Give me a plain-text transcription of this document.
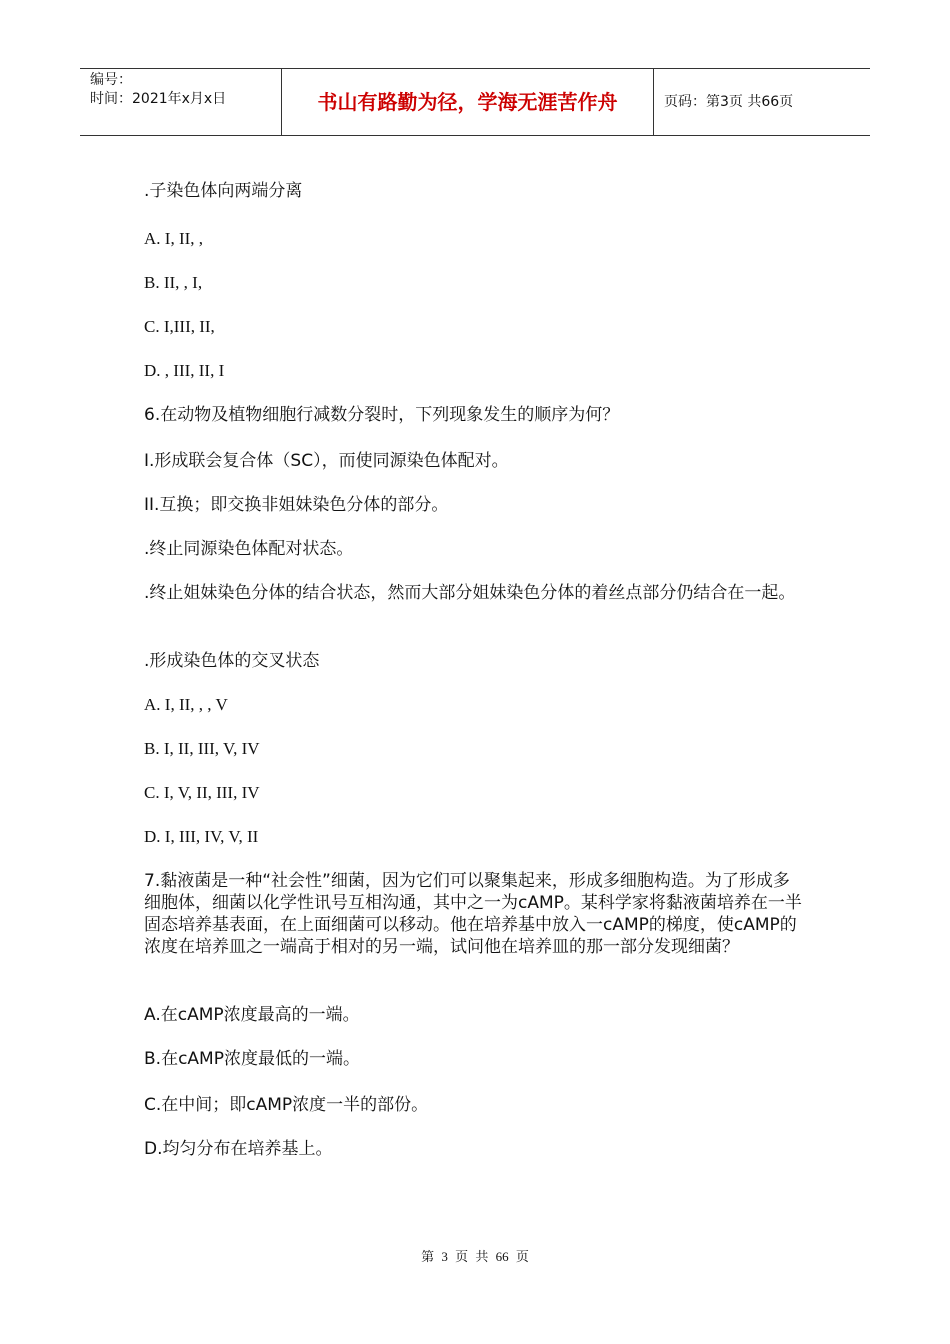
编号：
时间：2021年x月x日	书山有路勤为径，学海无涯苦作舟	页码：第3页 共66页

.子染色体向两端分离

A. I, II, ,

B. II, , I,

C. I,III, II,

D. , III, II, I

6.在动物及植物细胞行减数分裂时，下列现象发生的顺序为何？

I.形成联会复合体（SC），而使同源染色体配对。

II.互换；即交换非姐妹染色分体的部分。

.终止同源染色体配对状态。

.终止姐妹染色分体的结合状态，然而大部分姐妹染色分体的着丝点部分仍结合在一起。

.形成染色体的交叉状态

A. I, II, , , V

B. I, II, III, V, IV

C. I, V, II, III, IV

D. I, III, IV, V, II

7.黏液菌是一种“社会性”细菌，因为它们可以聚集起来，形成多细胞构造。为了形成多细胞体，细菌以化学性讯号互相沟通，其中之一为cAMP。某科学家将黏液菌培养在一半固态培养基表面，在上面细菌可以移动。他在培养基中放入一cAMP的梯度，使cAMP的浓度在培养皿之一端高于相对的另一端，试问他在培养皿的那一部分发现细菌？

A.在cAMP浓度最高的一端。

B.在cAMP浓度最低的一端。

C.在中间；即cAMP浓度一半的部份。

D.均匀分布在培养基上。

第 3 页 共 66 页
